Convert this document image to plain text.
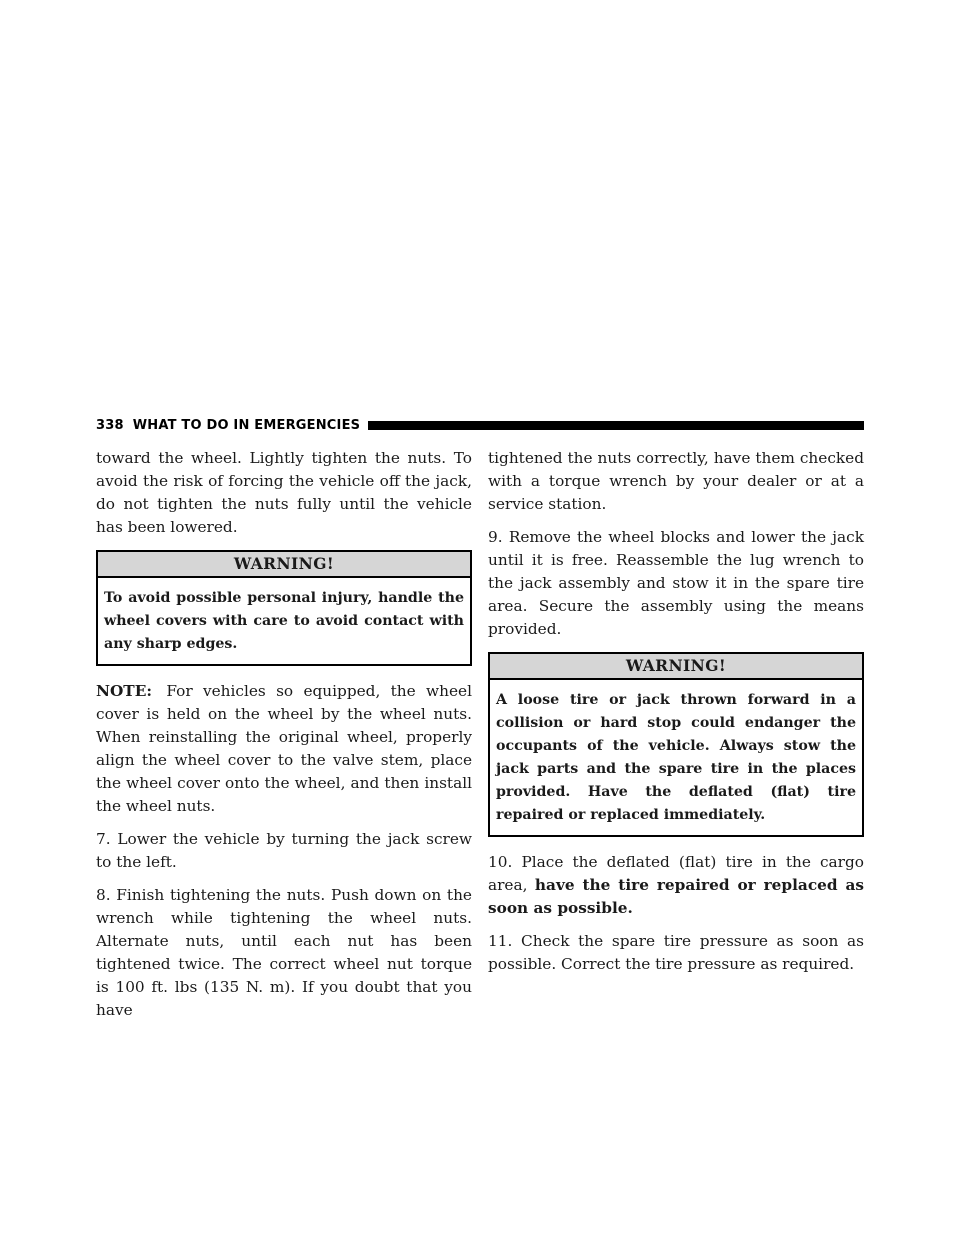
338 WHAT TO DO IN EMERGENCIES

toward the wheel. Lightly tighten the nuts. To avoid the risk of forcing the vehicle off the jack, do not tighten the nuts fully until the vehicle has been lowered.

WARNING!
To avoid possible personal injury, handle the wheel covers with care to avoid contact with any sharp edges.

NOTE: For vehicles so equipped, the wheel cover is held on the wheel by the wheel nuts. When reinstalling the original wheel, properly align the wheel cover to the valve stem, place the wheel cover onto the wheel, and then install the wheel nuts.

7. Lower the vehicle by turning the jack screw to the left.

8. Finish tightening the nuts. Push down on the wrench while tightening the wheel nuts. Alternate nuts, until each nut has been tightened twice. The correct wheel nut torque is 100 ft. lbs (135 N. m). If you doubt that you have

tightened the nuts correctly, have them checked with a torque wrench by your dealer or at a service station.

9. Remove the wheel blocks and lower the jack until it is free. Reassemble the lug wrench to the jack assembly and stow it in the spare tire area. Secure the assembly using the means provided.

WARNING!
A loose tire or jack thrown forward in a collision or hard stop could endanger the occupants of the vehicle. Always stow the jack parts and the spare tire in the places provided. Have the deflated (flat) tire repaired or replaced immediately.

10. Place the deflated (flat) tire in the cargo area, have the tire repaired or replaced as soon as possible.

11. Check the spare tire pressure as soon as possible. Correct the tire pressure as required.
